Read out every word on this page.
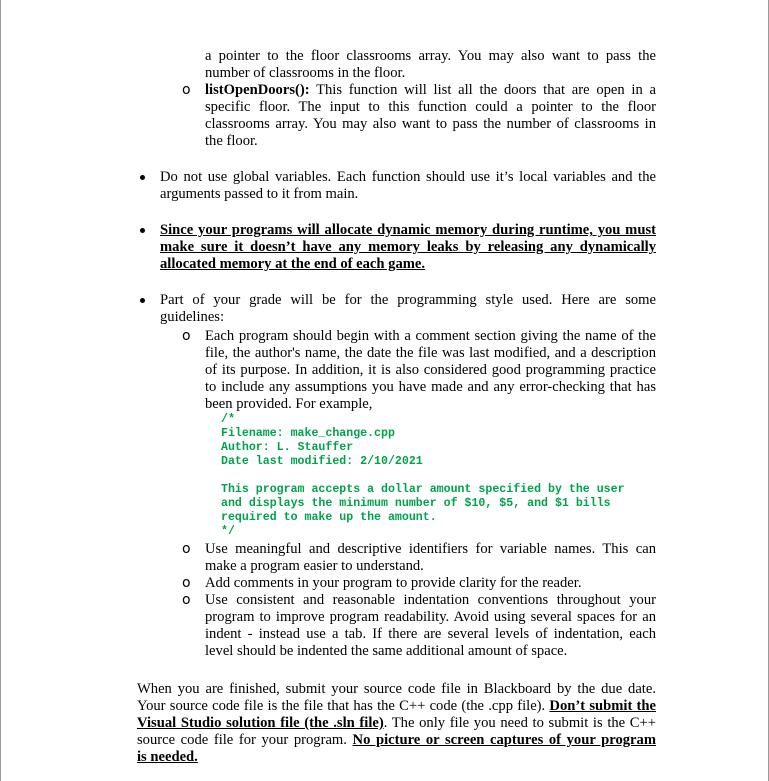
a pointer to the floor classrooms array. You may also want to pass the
number of classrooms in the floor.
o listOpenDoors(): This function will list all the doors that are open in a
specific floor. The input to this function could a pointer to the floor
classrooms array. You may also want to pass the number of classrooms in
the floor.
Do not use global variables. Each function should use it’s local variables and the
arguments passed to it from main.
Since your programs will allocate dynamic memory during runtime, you must
make sure it doesn’t have any memory leaks by releasing any dynamically
allocated memory at the end of each game.
Part of your grade will be for the programming style used. Here are some
guidelines:
o Each program should begin with a comment section giving the name of the
file, the author's name, the date the file was last modified, and a description
of its purpose. In addition, it is also considered good programming practice
to include any assumptions you have made and any error-checking that has
been provided. For example,
/*
Filename: make_change.cpp
Author: L. Stauffer
Date last modified: 2/10/2021
This program accepts a dollar amount specified by the user
and displays the minimum number of $10, $5, and $1 bills
required to make up the amount.
*/
o Use meaningful and descriptive identifiers for variable names. This can
make a program easier to understand.
o Add comments in your program to provide clarity for the reader.
o Use consistent and reasonable indentation conventions throughout your
program to improve program readability. Avoid using several spaces for an
indent - instead use a tab. If there are several levels of indentation, each
level should be indented the same additional amount of space.
When you are finished, submit your source code file in Blackboard by the due date.
Your source code file is the file that has the C++ code (the .cpp file). Don’t submit the
Visual Studio solution file (the .sln file). The only file you need to submit is the C++
source code file for your program. No picture or screen captures of your program
is needed.
